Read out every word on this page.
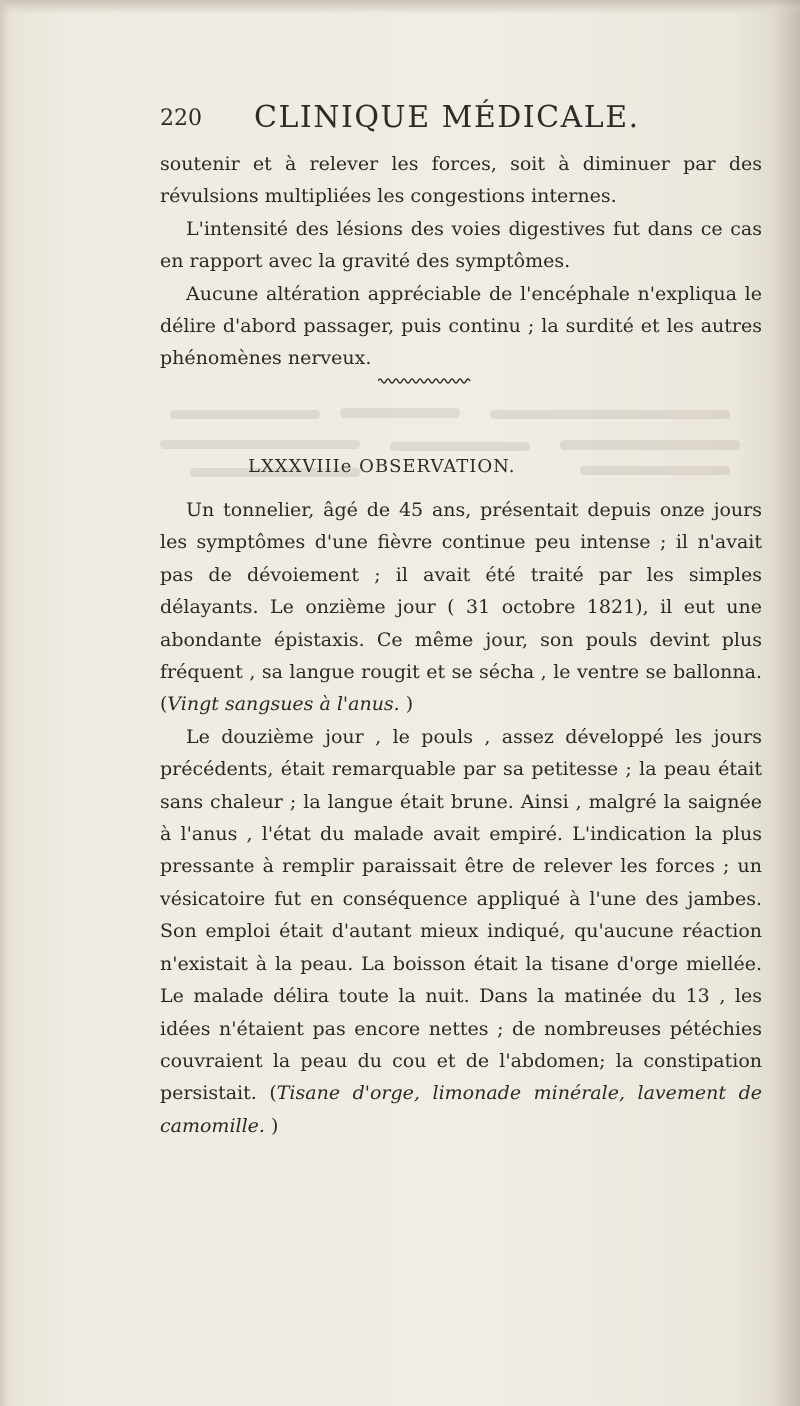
220 CLINIQUE MÉDICALE.

soutenir et à relever les forces, soit à diminuer par des révulsions multipliées les congestions internes.

L'intensité des lésions des voies digestives fut dans ce cas en rapport avec la gravité des symptômes.

Aucune altération appréciable de l'encéphale n'expliqua le délire d'abord passager, puis continu ; la surdité et les autres phénomènes nerveux.

LXXXVIIIe OBSERVATION.

Un tonnelier, âgé de 45 ans, présentait depuis onze jours les symptômes d'une fièvre continue peu intense ; il n'avait pas de dévoiement ; il avait été traité par les simples délayants. Le onzième jour ( 31 octobre 1821), il eut une abondante épistaxis. Ce même jour, son pouls devint plus fréquent , sa langue rougit et se sécha , le ventre se ballonna. (Vingt sangsues à l'anus. )

Le douzième jour , le pouls , assez développé les jours précédents, était remarquable par sa petitesse ; la peau était sans chaleur ; la langue était brune. Ainsi , malgré la saignée à l'anus , l'état du malade avait empiré. L'indication la plus pressante à remplir paraissait être de relever les forces ; un vésicatoire fut en conséquence appliqué à l'une des jambes. Son emploi était d'autant mieux indiqué, qu'aucune réaction n'existait à la peau. La boisson était la tisane d'orge miellée. Le malade délira toute la nuit. Dans la matinée du 13 , les idées n'étaient pas encore nettes ; de nombreuses pétéchies couvraient la peau du cou et de l'abdomen; la constipation persistait. (Tisane d'orge, limonade minérale, lavement de camomille. )
